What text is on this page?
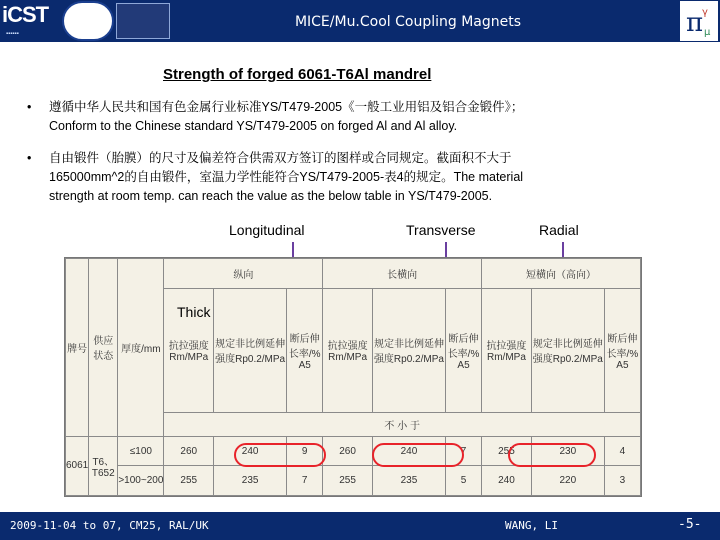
iCST
▪▪▪▪▪▪
MICE/Mu.Cool Coupling Magnets	π
γ
μ
Strength of forged 6061-T6Al mandrel
• 遵循中华人民共和国有色金属行业标准YS/T479-2005《一般工业用铝及铝合金锻件》；
Conform to the Chinese standard YS/T479-2005 on forged Al and Al alloy.
• 自由锻件（胎膜）的尺寸及偏差符合供需双方签订的图样或合同规定。截面积不大于
165000mm^2的自由锻件，室温力学性能符合YS/T479-2005-表4的规定。The material
strength at room temp. can reach the value as the below table in YS/T479-2005.
Longitudinal	Transverse	Radial
牌号	供应状态	厚度/mm	纵向			长横向			短横向（高向）		
			抗拉强度Rm/MPa	规定非比例延伸强度Rp0.2/MPa	断后伸长率/% A5	抗拉强度Rm/MPa	规定非比例延伸强度Rp0.2/MPa	断后伸长率/% A5	抗拉强度Rm/MPa	规定非比例延伸强度Rp0.2/MPa	断后伸长率/% A5
			不 小 于								
6061	T6、T652	≤100	260	240	9	260	240	7	255	230	4
		>100~200	255	235	7	255	235	5	240	220	3
Thick
2009-11-04 to 07, CM25, RAL/UK	WANG, LI	-5-
